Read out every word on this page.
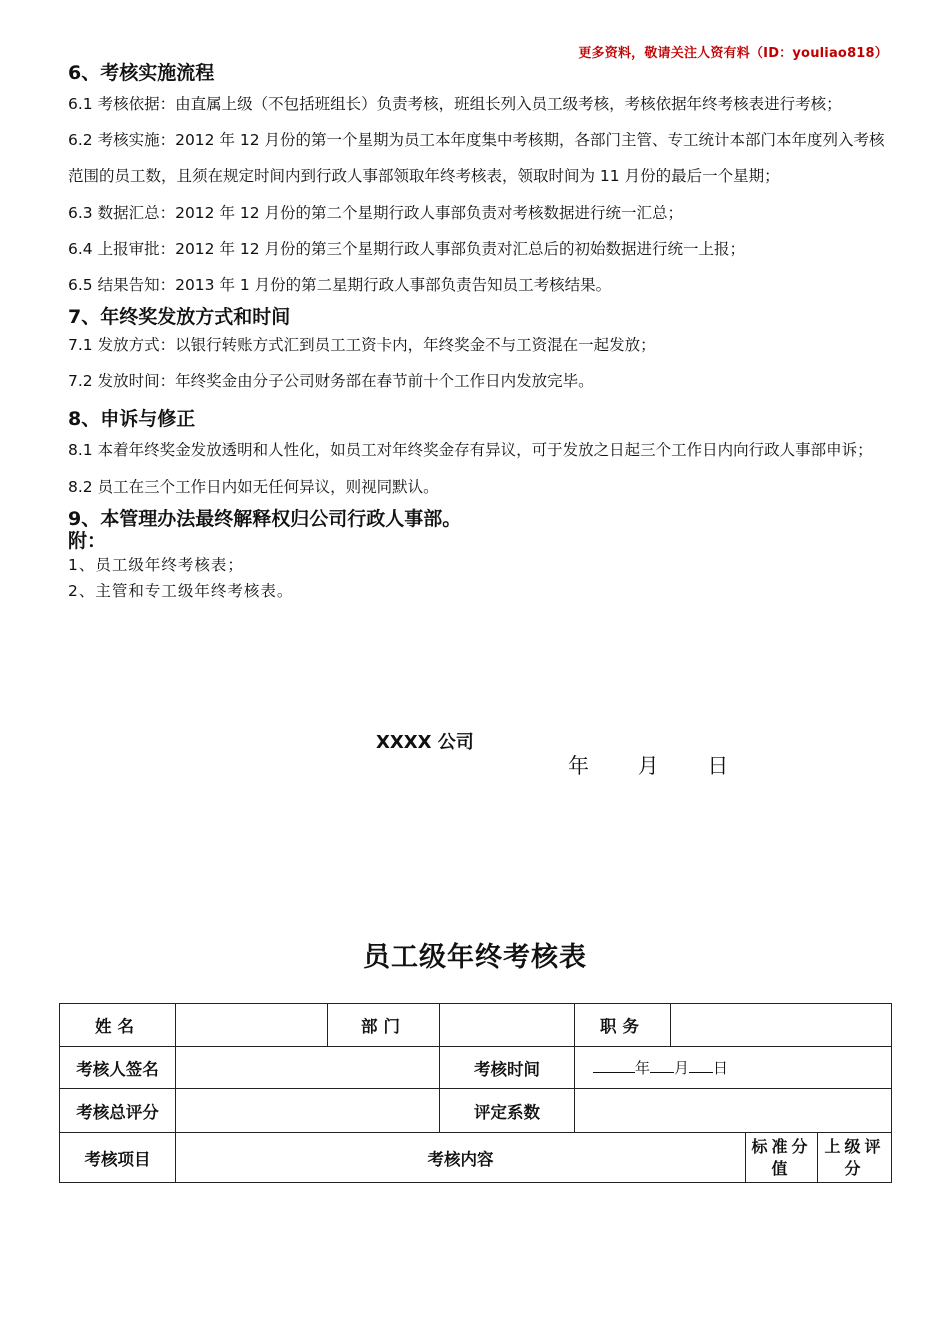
更多资料，敬请关注人资有料（ID：youliao818）
6、考核实施流程

6.1 考核依据：由直属上级（不包括班组长）负责考核，班组长列入员工级考核，考核依据年终考核表进行考核；

6.2 考核实施：2012 年 12 月份的第一个星期为员工本年度集中考核期，各部门主管、专工统计本部门本年度列入考核范围的员工数，且须在规定时间内到行政人事部领取年终考核表，领取时间为 11 月份的最后一个星期；

6.3 数据汇总：2012 年 12 月份的第二个星期行政人事部负责对考核数据进行统一汇总；

6.4 上报审批：2012 年 12 月份的第三个星期行政人事部负责对汇总后的初始数据进行统一上报；

6.5 结果告知：2013 年 1 月份的第二星期行政人事部负责告知员工考核结果。

7、年终奖发放方式和时间

7.1 发放方式：以银行转账方式汇到员工工资卡内，年终奖金不与工资混在一起发放；

7.2 发放时间：年终奖金由分子公司财务部在春节前十个工作日内发放完毕。

8、申诉与修正

8.1 本着年终奖金发放透明和人性化，如员工对年终奖金存有异议，可于发放之日起三个工作日内向行政人事部申诉；

8.2 员工在三个工作日内如无任何异议，则视同默认。

9、本管理办法最终解释权归公司行政人事部。
附：

1、员工级年终考核表；

2、主管和专工级年终考核表。

XXXX 公司
年 月 日
员工级年终考核表
姓名		部门		职务			
考核人签名			考核时间	年 月 日			
考核总评分			评定系数				
考核项目	考核内容					标准分值	上级评分
